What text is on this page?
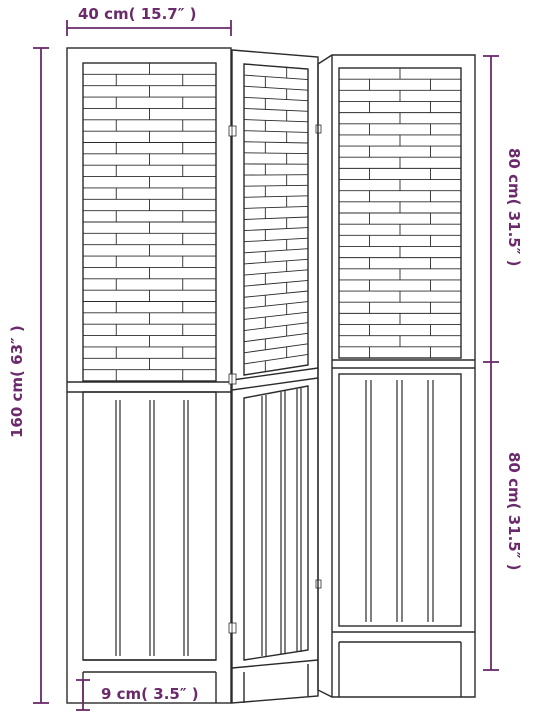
40 cm( 15.7″ )
160 cm( 63″ )
80 cm( 31.5″ )
80 cm( 31.5″ )
9 cm( 3.5″ )
